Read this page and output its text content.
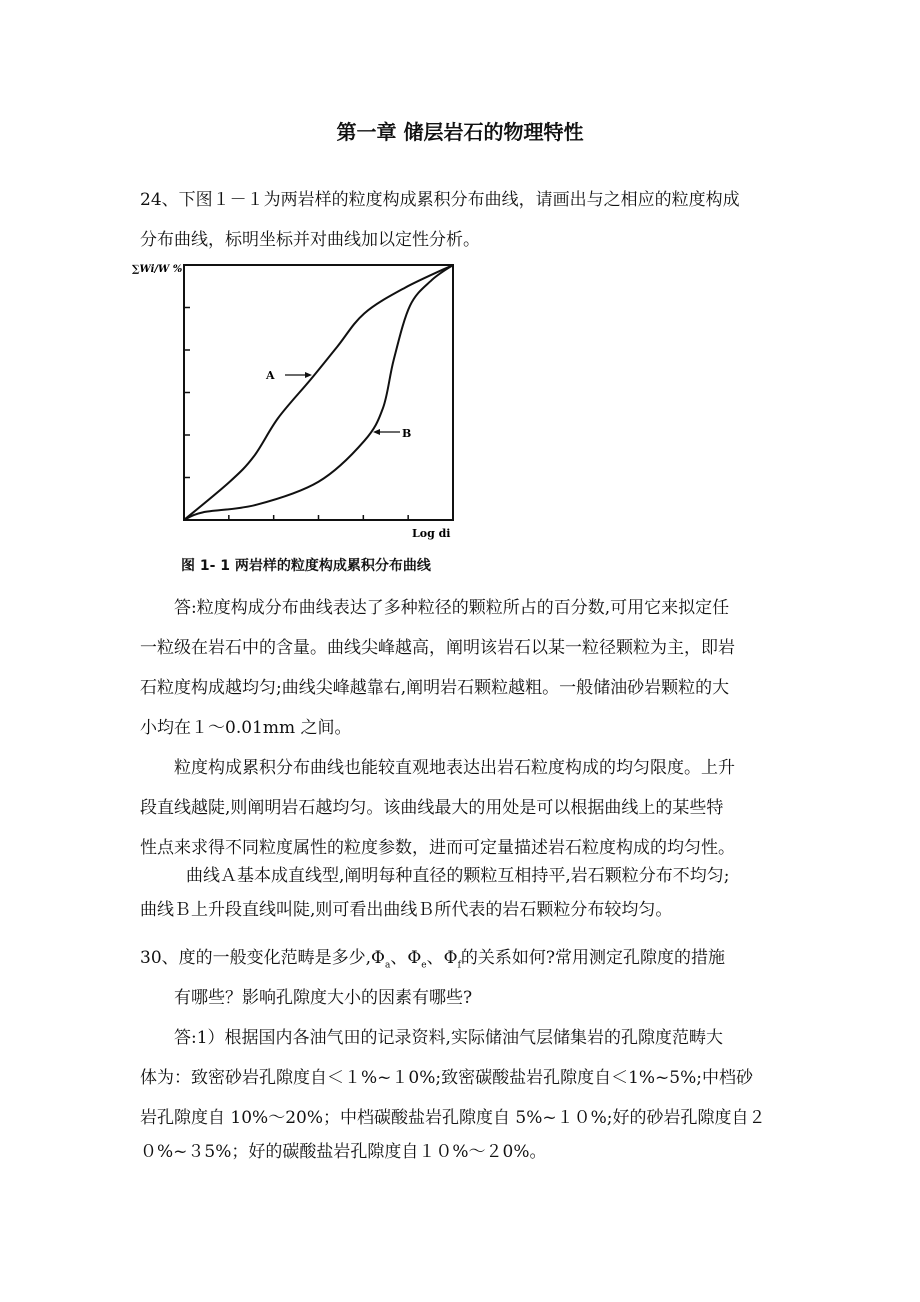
第一章 储层岩石的物理特性
24、下图１－１为两岩样的粒度构成累积分布曲线，请画出与之相应的粒度构成
分布曲线，标明坐标并对曲线加以定性分析。
∑Wi/W %
Log di
A
B
图 1- 1 两岩样的粒度构成累积分布曲线
答:粒度构成分布曲线表达了多种粒径的颗粒所占的百分数,可用它来拟定任
一粒级在岩石中的含量。曲线尖峰越高，阐明该岩石以某一粒径颗粒为主，即岩
石粒度构成越均匀;曲线尖峰越靠右,阐明岩石颗粒越粗。一般储油砂岩颗粒的大
小均在１～0.01mm 之间。
粒度构成累积分布曲线也能较直观地表达出岩石粒度构成的均匀限度。上升
段直线越陡,则阐明岩石越均匀。该曲线最大的用处是可以根据曲线上的某些特
性点来求得不同粒度属性的粒度参数，进而可定量描述岩石粒度构成的均匀性。
曲线Ａ基本成直线型,阐明每种直径的颗粒互相持平,岩石颗粒分布不均匀;
曲线Ｂ上升段直线叫陡,则可看出曲线Ｂ所代表的岩石颗粒分布较均匀。
30、度的一般变化范畴是多少$,\Phi_a$、$\Phi_e$、$\Phi_f$的关系如何?常用测定孔隙度的措施
有哪些？影响孔隙度大小的因素有哪些?
答:1）根据国内各油气田的记录资料,实际储油气层储集岩的孔隙度范畴大
体为：致密砂岩孔隙度自＜１%~１0%;致密碳酸盐岩孔隙度自＜1%~5%;中档砂
岩孔隙度自 10%～20%；中档碳酸盐岩孔隙度自 5%~１０%;好的砂岩孔隙度自２
０%~３5%；好的碳酸盐岩孔隙度自１０%～２0%。
